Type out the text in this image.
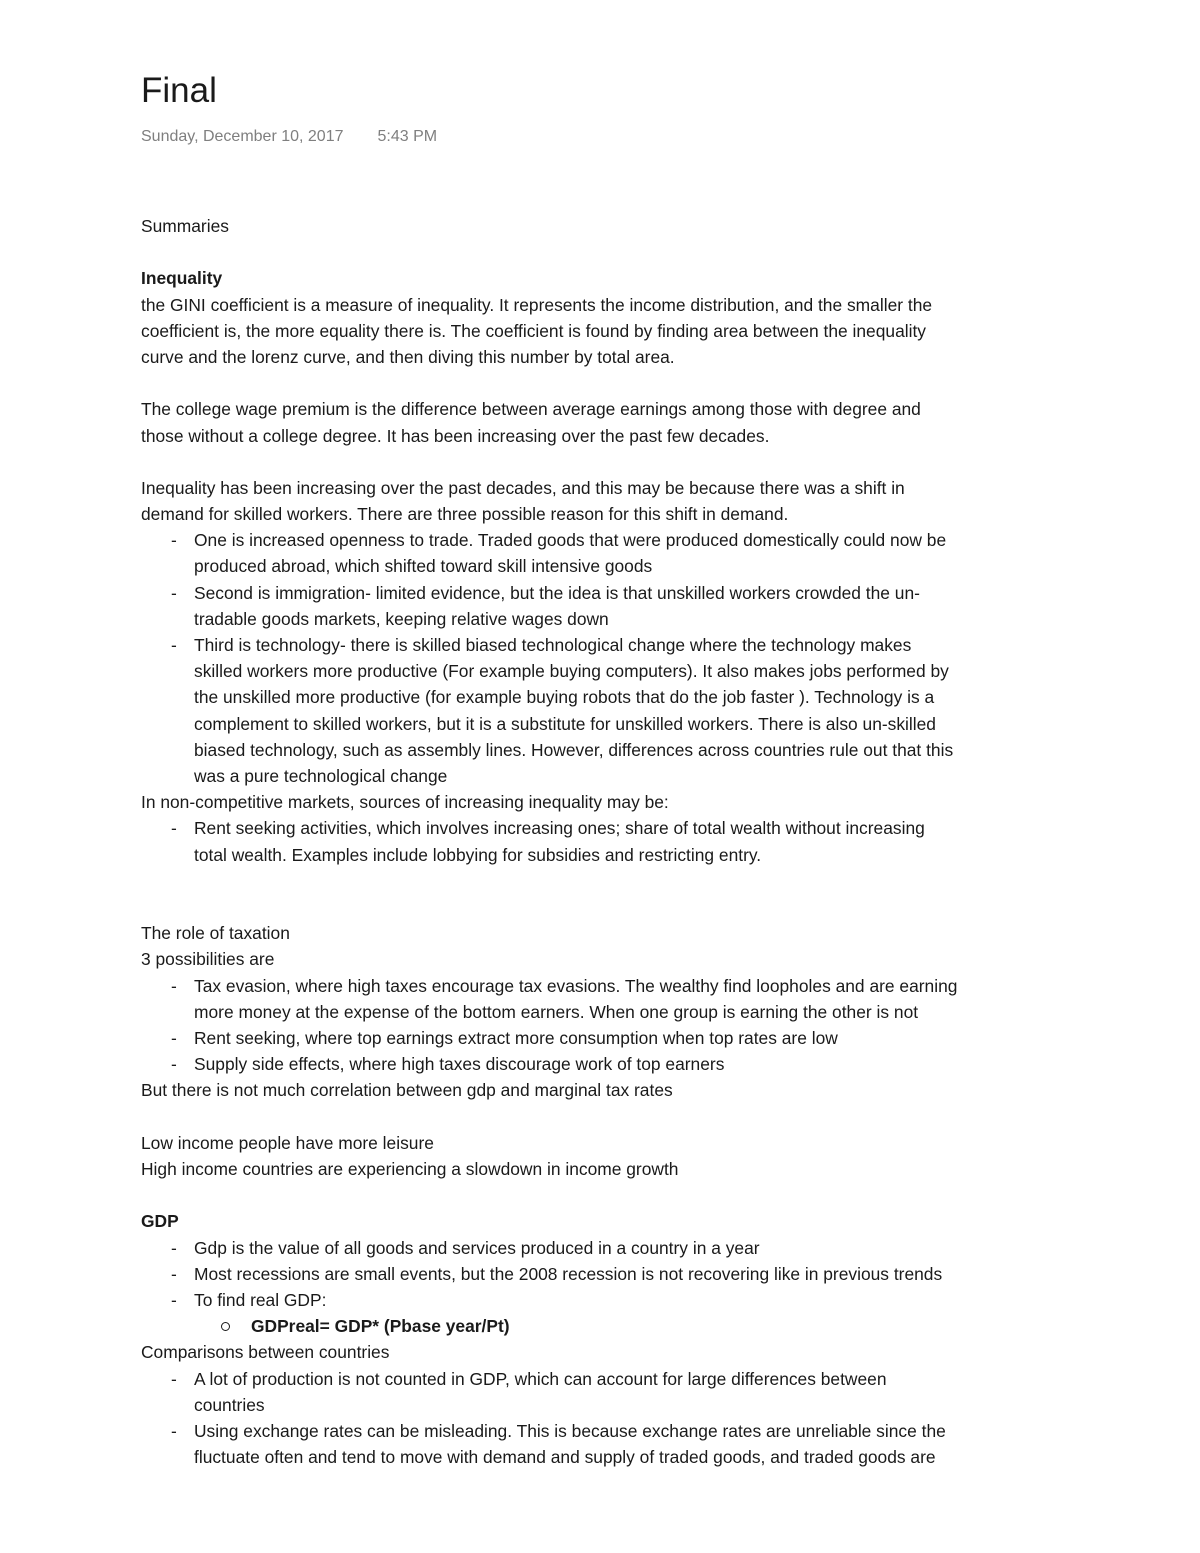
Final
Sunday, December 10, 2017 5:43 PM
Summaries
Inequality
the GINI coefficient is a measure of inequality. It represents the income distribution, and the smaller the
coefficient is, the more equality there is. The coefficient is found by finding area between the inequality
curve and the lorenz curve, and then diving this number by total area.
The college wage premium is the difference between average earnings among those with degree and
those without a college degree. It has been increasing over the past few decades.
Inequality has been increasing over the past decades, and this may be because there was a shift in
demand for skilled workers. There are three possible reason for this shift in demand.
- One is increased openness to trade. Traded goods that were produced domestically could now be
produced abroad, which shifted toward skill intensive goods
- Second is immigration- limited evidence, but the idea is that unskilled workers crowded the un-
tradable goods markets, keeping relative wages down
- Third is technology- there is skilled biased technological change where the technology makes
skilled workers more productive (For example buying computers). It also makes jobs performed by
the unskilled more productive (for example buying robots that do the job faster ). Technology is a
complement to skilled workers, but it is a substitute for unskilled workers. There is also un-skilled
biased technology, such as assembly lines. However, differences across countries rule out that this
was a pure technological change
In non-competitive markets, sources of increasing inequality may be:
- Rent seeking activities, which involves increasing ones; share of total wealth without increasing
total wealth. Examples include lobbying for subsidies and restricting entry.
The role of taxation
3 possibilities are
- Tax evasion, where high taxes encourage tax evasions. The wealthy find loopholes and are earning
more money at the expense of the bottom earners. When one group is earning the other is not
- Rent seeking, where top earnings extract more consumption when top rates are low
- Supply side effects, where high taxes discourage work of top earners
But there is not much correlation between gdp and marginal tax rates
Low income people have more leisure
High income countries are experiencing a slowdown in income growth
GDP
- Gdp is the value of all goods and services produced in a country in a year
- Most recessions are small events, but the 2008 recession is not recovering like in previous trends
- To find real GDP:
GDPreal= GDP* (Pbase year/Pt)
Comparisons between countries
- A lot of production is not counted in GDP, which can account for large differences between
countries
- Using exchange rates can be misleading. This is because exchange rates are unreliable since the
fluctuate often and tend to move with demand and supply of traded goods, and traded goods are
